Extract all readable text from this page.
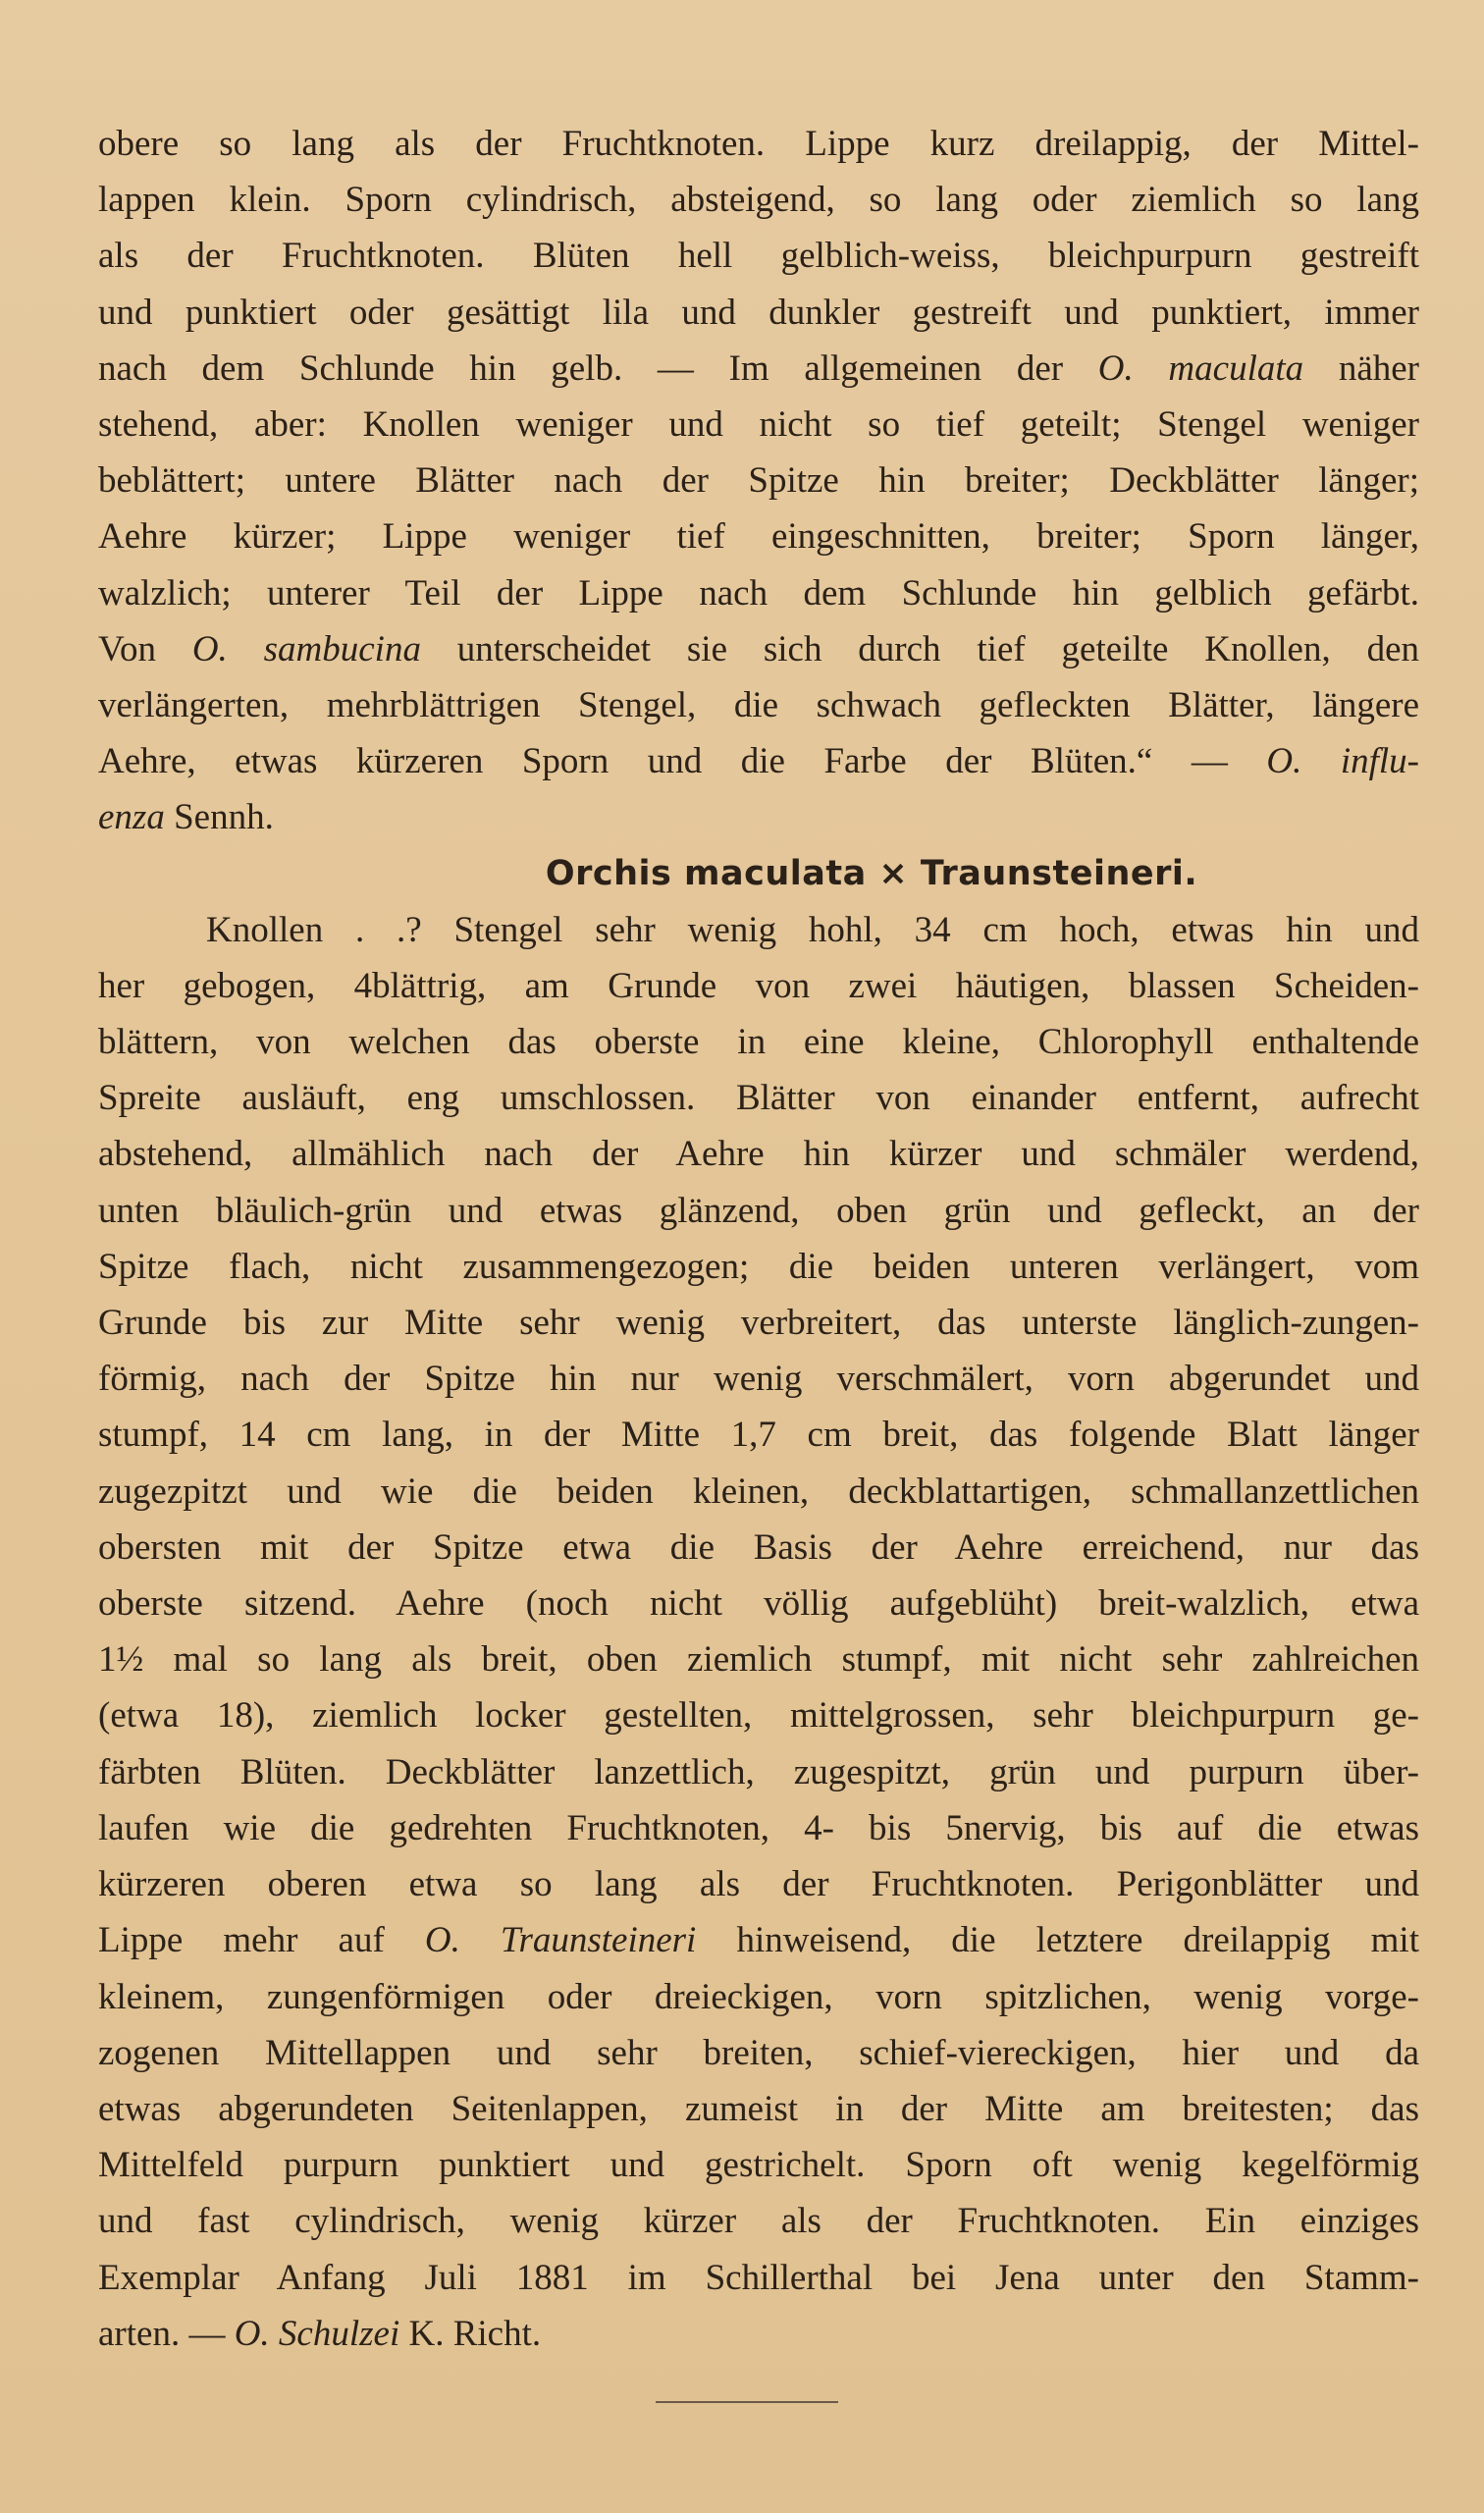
obere so lang als der Fruchtknoten. Lippe kurz dreilappig, der Mittel-
lappen klein. Sporn cylindrisch, absteigend, so lang oder ziemlich so lang
als der Fruchtknoten. Blüten hell gelblich-weiss, bleichpurpurn gestreift
und punktiert oder gesättigt lila und dunkler gestreift und punktiert, immer
nach dem Schlunde hin gelb. — Im allgemeinen der O. maculata näher
stehend, aber: Knollen weniger und nicht so tief geteilt; Stengel weniger
beblättert; untere Blätter nach der Spitze hin breiter; Deckblätter länger;
Aehre kürzer; Lippe weniger tief eingeschnitten, breiter; Sporn länger,
walzlich; unterer Teil der Lippe nach dem Schlunde hin gelblich gefärbt.
Von O. sambucina unterscheidet sie sich durch tief geteilte Knollen, den
verlängerten, mehrblättrigen Stengel, die schwach gefleckten Blätter, längere
Aehre, etwas kürzeren Sporn und die Farbe der Blüten.“ — O. influ-
enza Sennh.
Orchis maculata × Traunsteineri.
Knollen . .? Stengel sehr wenig hohl, 34 cm hoch, etwas hin und
her gebogen, 4blättrig, am Grunde von zwei häutigen, blassen Scheiden-
blättern, von welchen das oberste in eine kleine, Chlorophyll enthaltende
Spreite ausläuft, eng umschlossen. Blätter von einander entfernt, aufrecht
abstehend, allmählich nach der Aehre hin kürzer und schmäler werdend,
unten bläulich-grün und etwas glänzend, oben grün und gefleckt, an der
Spitze flach, nicht zusammengezogen; die beiden unteren verlängert, vom
Grunde bis zur Mitte sehr wenig verbreitert, das unterste länglich-zungen-
förmig, nach der Spitze hin nur wenig verschmälert, vorn abgerundet und
stumpf, 14 cm lang, in der Mitte 1,7 cm breit, das folgende Blatt länger
zugezpitzt und wie die beiden kleinen, deckblattartigen, schmallanzettlichen
obersten mit der Spitze etwa die Basis der Aehre erreichend, nur das
oberste sitzend. Aehre (noch nicht völlig aufgeblüht) breit-walzlich, etwa
1½ mal so lang als breit, oben ziemlich stumpf, mit nicht sehr zahlreichen
(etwa 18), ziemlich locker gestellten, mittelgrossen, sehr bleichpurpurn ge-
färbten Blüten. Deckblätter lanzettlich, zugespitzt, grün und purpurn über-
laufen wie die gedrehten Fruchtknoten, 4- bis 5nervig, bis auf die etwas
kürzeren oberen etwa so lang als der Fruchtknoten. Perigonblätter und
Lippe mehr auf O. Traunsteineri hinweisend, die letztere dreilappig mit
kleinem, zungenförmigen oder dreieckigen, vorn spitzlichen, wenig vorge-
zogenen Mittellappen und sehr breiten, schief-viereckigen, hier und da
etwas abgerundeten Seitenlappen, zumeist in der Mitte am breitesten; das
Mittelfeld purpurn punktiert und gestrichelt. Sporn oft wenig kegelförmig
und fast cylindrisch, wenig kürzer als der Fruchtknoten. Ein einziges
Exemplar Anfang Juli 1881 im Schillerthal bei Jena unter den Stamm-
arten. — O. Schulzei K. Richt.
